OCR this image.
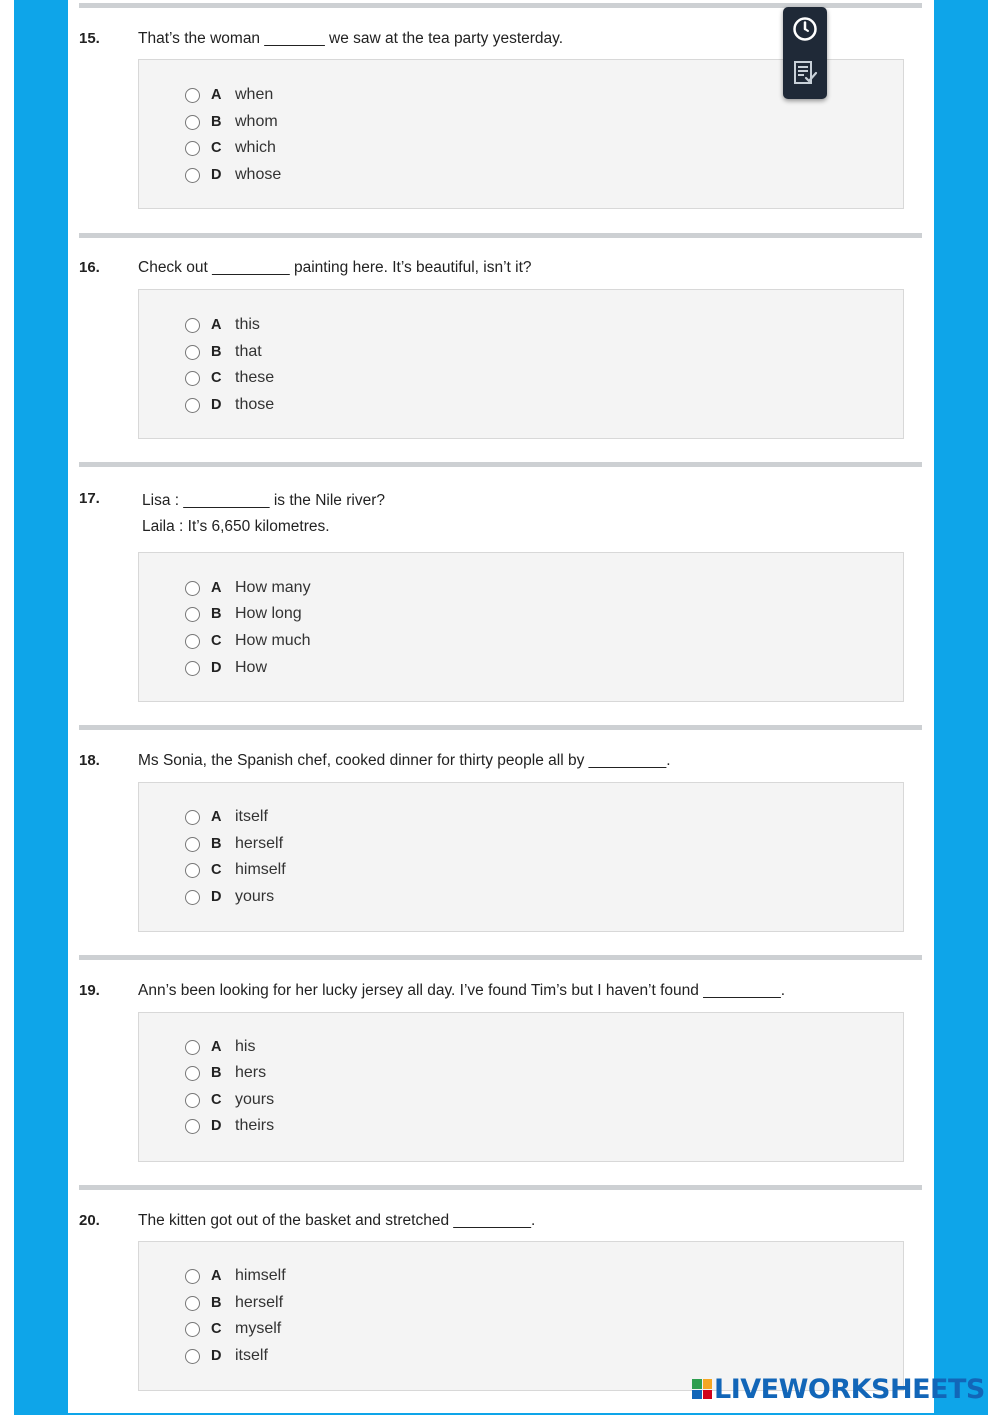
15. That’s the woman _______ we saw at the tea party yesterday.
A when
B whom
C which
D whose
16. Check out _________ painting here. It’s beautiful, isn’t it?
A this
B that
C these
D those
17.	Lisa : __________ is the Nile river?
Laila : It’s 6,650 kilometres.
A How many
B How long
C How much
D How
18. Ms Sonia, the Spanish chef, cooked dinner for thirty people all by _________.
A itself
B herself
C himself
D yours
19. Ann’s been looking for her lucky jersey all day. I’ve found Tim’s but I haven’t found _________.
A his
B hers
C yours
D theirs
20. The kitten got out of the basket and stretched _________.
A himself
B herself
C myself
D itself
LIVEWORKSHEETS
